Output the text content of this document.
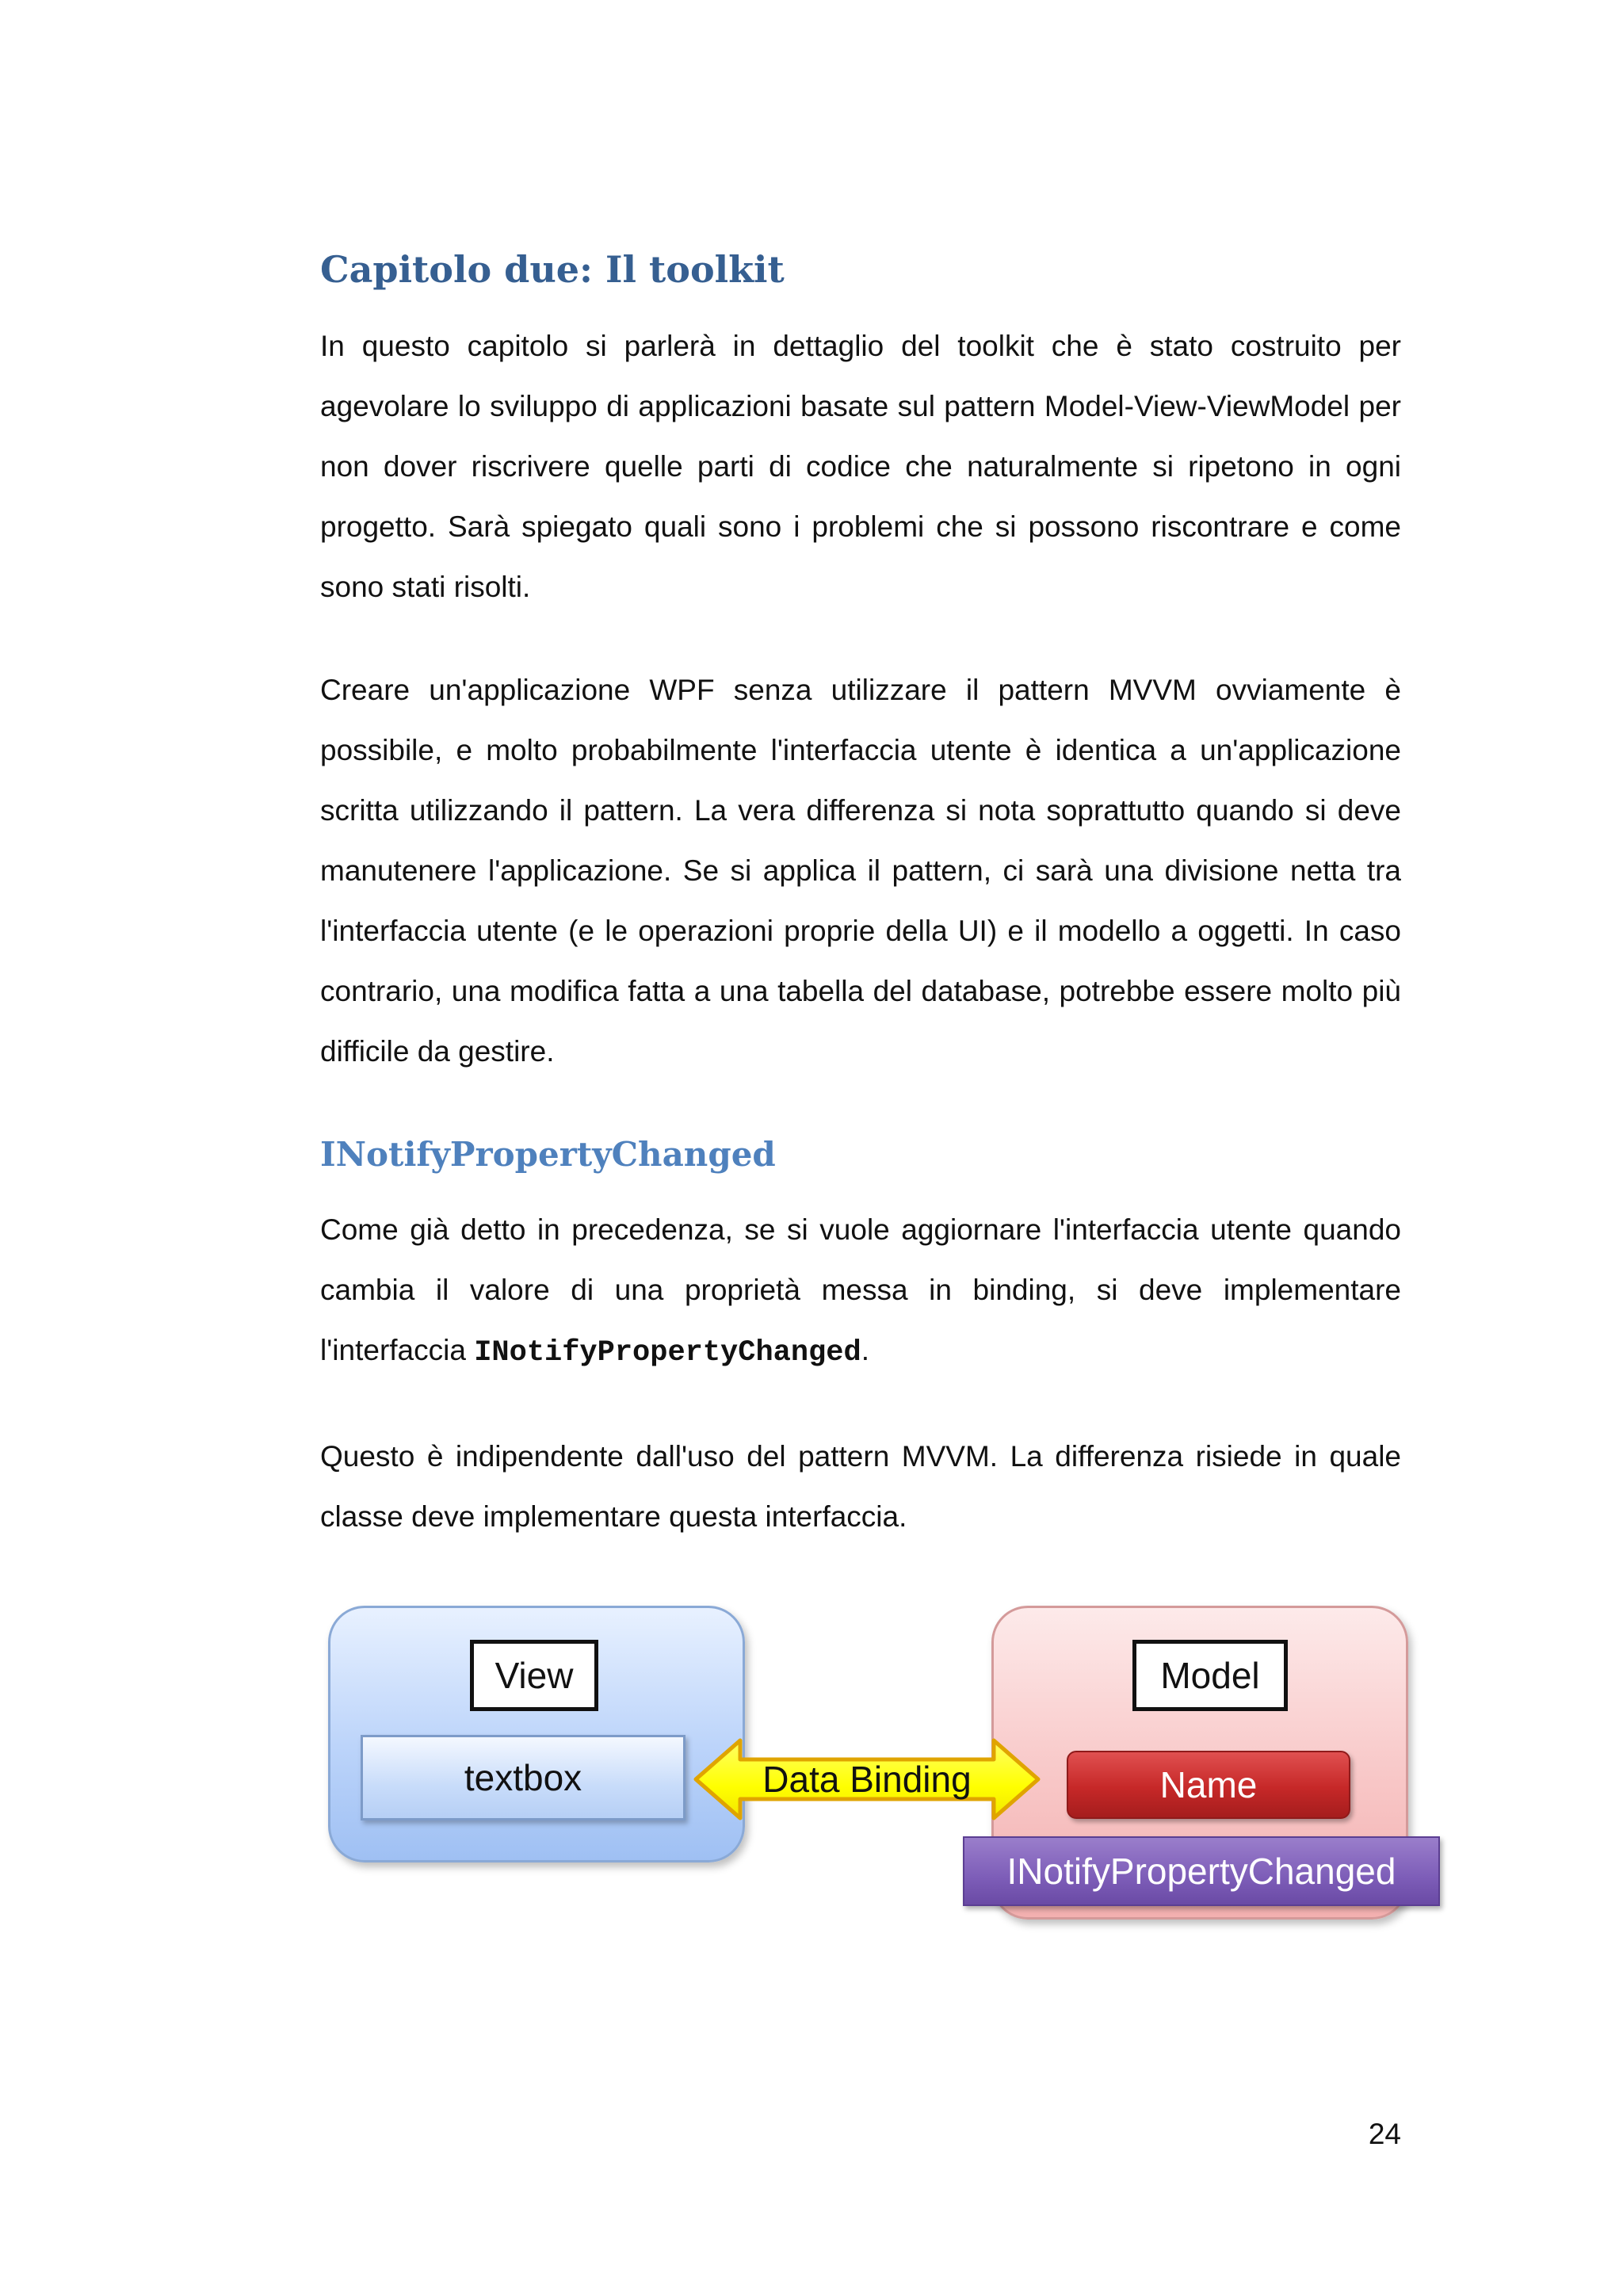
Capitolo due: Il toolkit

In questo capitolo si parlerà in dettaglio del toolkit che è stato costruito per agevolare lo sviluppo di applicazioni basate sul pattern Model-View-ViewModel per non dover riscrivere quelle parti di codice che naturalmente si ripetono in ogni progetto. Sarà spiegato quali sono i problemi che si possono riscontrare e come sono stati risolti.

Creare un'applicazione WPF senza utilizzare il pattern MVVM ovviamente è possibile, e molto probabilmente l'interfaccia utente è identica a un'applicazione scritta utilizzando il pattern. La vera differenza si nota soprattutto quando si deve manutenere l'applicazione. Se si applica il pattern, ci sarà una divisione netta tra l'interfaccia utente (e le operazioni proprie della UI) e il modello a oggetti. In caso contrario, una modifica fatta a una tabella del database, potrebbe essere molto più difficile da gestire.

INotifyPropertyChanged

Come già detto in precedenza, se si vuole aggiornare l'interfaccia utente quando cambia il valore di una proprietà messa in binding, si deve implementare l'interfaccia INotifyPropertyChanged.

Questo è indipendente dall'uso del pattern MVVM. La differenza risiede in quale classe deve implementare questa interfaccia.

View
textbox
Model
Name
INotifyPropertyChanged
Data Binding
24
